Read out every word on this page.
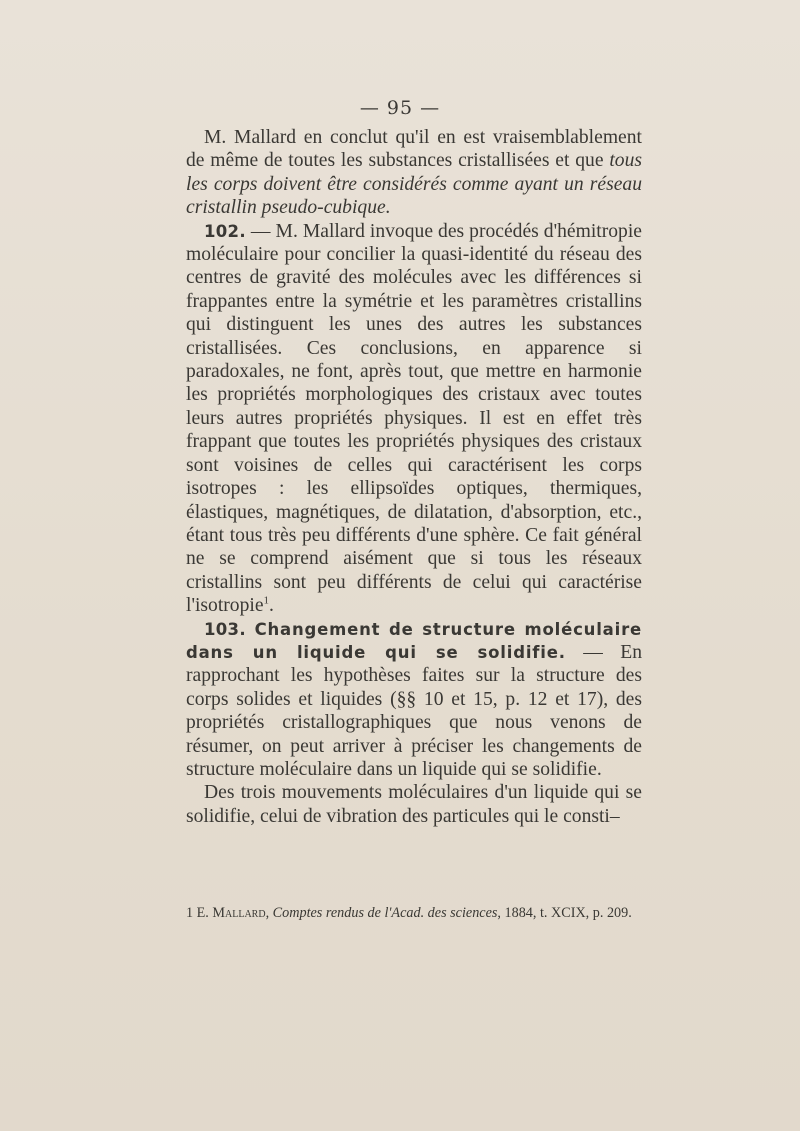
— 95 —

M. Mallard en conclut qu'il en est vraisemblablement de même de toutes les substances cristallisées et que tous les corps doivent être considérés comme ayant un réseau cristallin pseudo-cubique.

102. — M. Mallard invoque des procédés d'hémitropie moléculaire pour concilier la quasi-identité du réseau des centres de gravité des molécules avec les différences si frappantes entre la symétrie et les paramètres cristallins qui distinguent les unes des autres les substances cristallisées. Ces conclusions, en apparence si paradoxales, ne font, après tout, que mettre en harmonie les propriétés morphologiques des cristaux avec toutes leurs autres propriétés physiques. Il est en effet très frappant que toutes les propriétés physiques des cristaux sont voisines de celles qui caractérisent les corps isotropes : les ellipsoïdes optiques, thermiques, élastiques, magnétiques, de dilatation, d'absorption, etc., étant tous très peu différents d'une sphère. Ce fait général ne se comprend aisément que si tous les réseaux cristallins sont peu différents de celui qui caractérise l'isotropie$^1$.

103. Changement de structure moléculaire dans un liquide qui se solidifie. — En rapprochant les hypothèses faites sur la structure des corps solides et liquides (§§ 10 et 15, p. 12 et 17), des propriétés cristallographiques que nous venons de résumer, on peut arriver à préciser les changements de structure moléculaire dans un liquide qui se solidifie.

Des trois mouvements moléculaires d'un liquide qui se solidifie, celui de vibration des particules qui le consti–

1 E. Mallard, Comptes rendus de l'Acad. des sciences, 1884, t. XCIX, p. 209.
